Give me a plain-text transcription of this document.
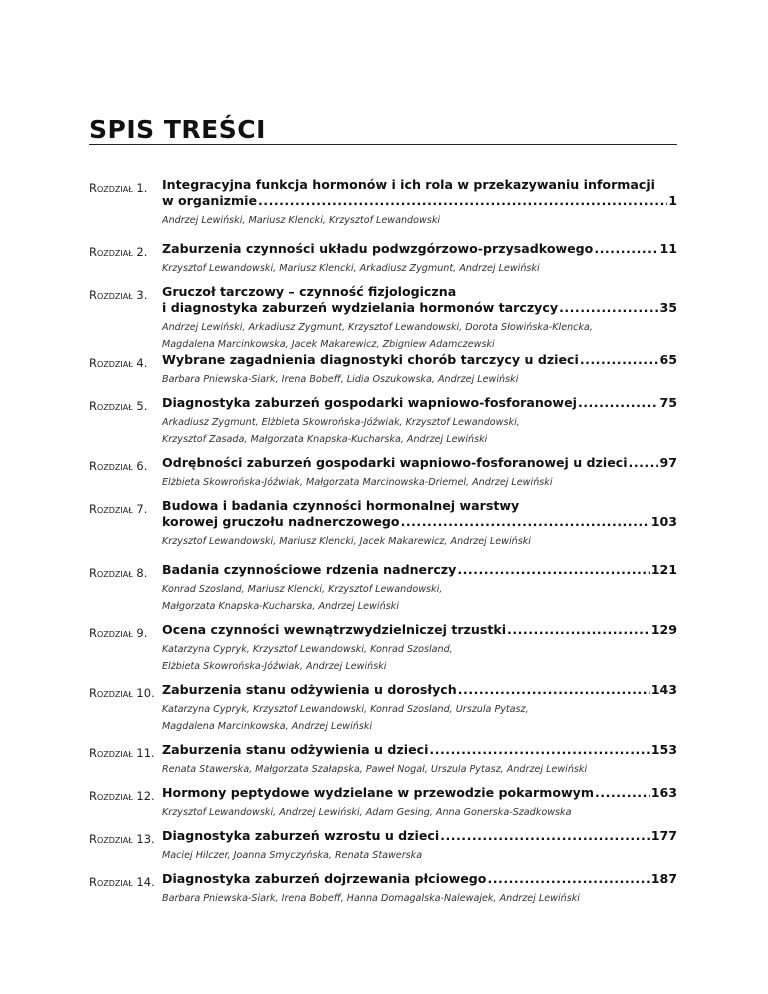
SPIS TREŚCI
Rozdział 1. Integracyjna funkcja hormonów i ich rola w przekazywaniu informacji
w organizmie .....	1
Andrzej Lewiński, Mariusz Klencki, Krzysztof Lewandowski
Rozdział 2. Zaburzenia czynności układu podwzgórzowo-przysadkowego .....	11
Krzysztof Lewandowski, Mariusz Klencki, Arkadiusz Zygmunt, Andrzej Lewiński
Rozdział 3. Gruczoł tarczowy – czynność fizjologiczna
i diagnostyka zaburzeń wydzielania hormonów tarczycy .....	35
Andrzej Lewiński, Arkadiusz Zygmunt, Krzysztof Lewandowski, Dorota Słowińska-Klencka,
Magdalena Marcinkowska, Jacek Makarewicz, Zbigniew Adamczewski
Rozdział 4. Wybrane zagadnienia diagnostyki chorób tarczycy u dzieci .....	65
Barbara Pniewska-Siark, Irena Bobeff, Lidia Oszukowska, Andrzej Lewiński
Rozdział 5. Diagnostyka zaburzeń gospodarki wapniowo-fosforanowej .....	75
Arkadiusz Zygmunt, Elżbieta Skowrońska-Jóźwiak, Krzysztof Lewandowski,
Krzysztof Zasada, Małgorzata Knapska-Kucharska, Andrzej Lewiński
Rozdział 6. Odrębności zaburzeń gospodarki wapniowo-fosforanowej u dzieci .....	97
Elżbieta Skowrońska-Jóźwiak, Małgorzata Marcinowska-Driemel, Andrzej Lewiński
Rozdział 7. Budowa i badania czynności hormonalnej warstwy
korowej gruczołu nadnerczowego .....	103
Krzysztof Lewandowski, Mariusz Klencki, Jacek Makarewicz, Andrzej Lewiński
Rozdział 8. Badania czynnościowe rdzenia nadnerczy .....	121
Konrad Szosland, Mariusz Klencki, Krzysztof Lewandowski,
Małgorzata Knapska-Kucharska, Andrzej Lewiński
Rozdział 9. Ocena czynności wewnątrzwydzielniczej trzustki .....	129
Katarzyna Cypryk, Krzysztof Lewandowski, Konrad Szosland,
Elżbieta Skowrońska-Jóźwiak, Andrzej Lewiński
Rozdział 10. Zaburzenia stanu odżywienia u dorosłych .....	143
Katarzyna Cypryk, Krzysztof Lewandowski, Konrad Szosland, Urszula Pytasz,
Magdalena Marcinkowska, Andrzej Lewiński
Rozdział 11. Zaburzenia stanu odżywienia u dzieci .....	153
Renata Stawerska, Małgorzata Szałapska, Paweł Nogal, Urszula Pytasz, Andrzej Lewiński
Rozdział 12. Hormony peptydowe wydzielane w przewodzie pokarmowym .....	163
Krzysztof Lewandowski, Andrzej Lewiński, Adam Gesing, Anna Gonerska-Szadkowska
Rozdział 13. Diagnostyka zaburzeń wzrostu u dzieci .....	177
Maciej Hilczer, Joanna Smyczyńska, Renata Stawerska
Rozdział 14. Diagnostyka zaburzeń dojrzewania płciowego .....	187
Barbara Pniewska-Siark, Irena Bobeff, Hanna Domagalska-Nalewajek, Andrzej Lewiński
